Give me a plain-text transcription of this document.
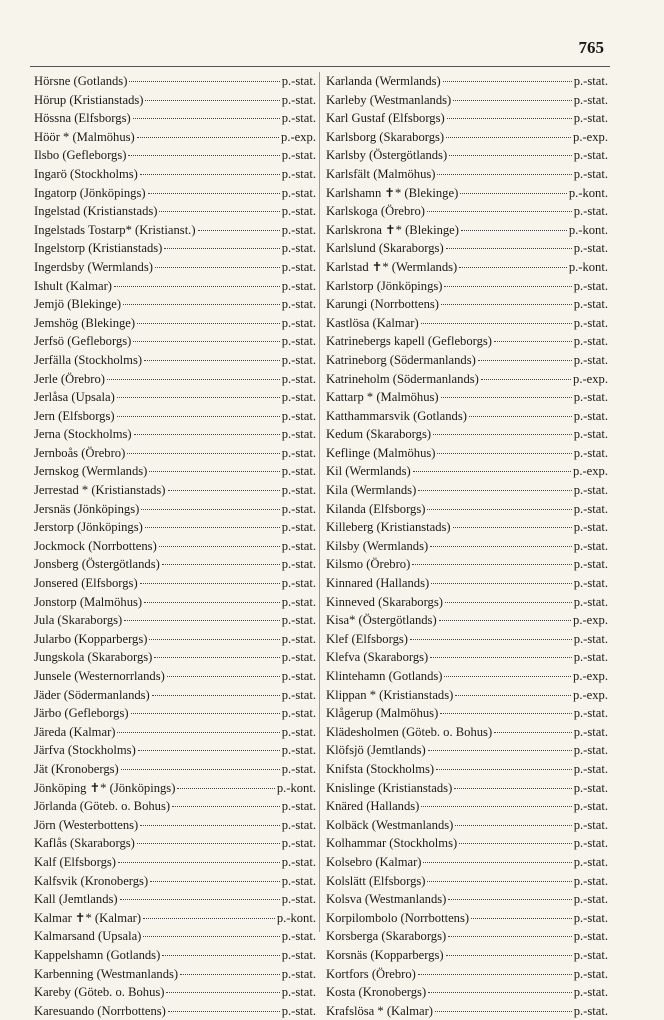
765
Hörsne (Gotlands)	p.-stat.
Hörup (Kristianstads)	p.-stat.
Hössna (Elfsborgs)	p.-stat.
Höör * (Malmöhus)	p.-exp.
Ilsbo (Gefleborgs)	p.-stat.
Ingarö (Stockholms)	p.-stat.
Ingatorp (Jönköpings)	p.-stat.
Ingelstad (Kristianstads)	p.-stat.
Ingelstads Tostarp* (Kristianst.)	p.-stat.
Ingelstorp (Kristianstads)	p.-stat.
Ingerdsby (Wermlands)	p.-stat.
Ishult (Kalmar)	p.-stat.
Jemjö (Blekinge)	p.-stat.
Jemshög (Blekinge)	p.-stat.
Jerfsö (Gefleborgs)	p.-stat.
Jerfälla (Stockholms)	p.-stat.
Jerle (Örebro)	p.-stat.
Jerlåsa (Upsala)	p.-stat.
Jern (Elfsborgs)	p.-stat.
Jerna (Stockholms)	p.-stat.
Jernboås (Örebro)	p.-stat.
Jernskog (Wermlands)	p.-stat.
Jerrestad * (Kristianstads)	p.-stat.
Jersnäs (Jönköpings)	p.-stat.
Jerstorp (Jönköpings)	p.-stat.
Jockmock (Norrbottens)	p.-stat.
Jonsberg (Östergötlands)	p.-stat.
Jonsered (Elfsborgs)	p.-stat.
Jonstorp (Malmöhus)	p.-stat.
Jula (Skaraborgs)	p.-stat.
Jularbo (Kopparbergs)	p.-stat.
Jungskola (Skaraborgs)	p.-stat.
Junsele (Westernorrlands)	p.-stat.
Jäder (Södermanlands)	p.-stat.
Järbo (Gefleborgs)	p.-stat.
Järeda (Kalmar)	p.-stat.
Järfva (Stockholms)	p.-stat.
Jät (Kronobergs)	p.-stat.
Jönköping ✝* (Jönköpings)	p.-kont.
Jörlanda (Göteb. o. Bohus)	p.-stat.
Jörn (Westerbottens)	p.-stat.
Kaflås (Skaraborgs)	p.-stat.
Kalf (Elfsborgs)	p.-stat.
Kalfsvik (Kronobergs)	p.-stat.
Kall (Jemtlands)	p.-stat.
Kalmar ✝* (Kalmar)	p.-kont.
Kalmarsand (Upsala)	p.-stat.
Kappelshamn (Gotlands)	p.-stat.
Karbenning (Westmanlands)	p.-stat.
Kareby (Göteb. o. Bohus)	p.-stat.
Karesuando (Norrbottens)	p.-stat.
Karlanda (Wermlands)	p.-stat.
Karleby (Westmanlands)	p.-stat.
Karl Gustaf (Elfsborgs)	p.-stat.
Karlsborg (Skaraborgs)	p.-exp.
Karlsby (Östergötlands)	p.-stat.
Karlsfält (Malmöhus)	p.-stat.
Karlshamn ✝* (Blekinge)	p.-kont.
Karlskoga (Örebro)	p.-stat.
Karlskrona ✝* (Blekinge)	p.-kont.
Karlslund (Skaraborgs)	p.-stat.
Karlstad ✝* (Wermlands)	p.-kont.
Karlstorp (Jönköpings)	p.-stat.
Karungi (Norrbottens)	p.-stat.
Kastlösa (Kalmar)	p.-stat.
Katrinebergs kapell (Gefleborgs)	p.-stat.
Katrineborg (Södermanlands)	p.-stat.
Katrineholm (Södermanlands)	p.-exp.
Kattarp * (Malmöhus)	p.-stat.
Katthammarsvik (Gotlands)	p.-stat.
Kedum (Skaraborgs)	p.-stat.
Keflinge (Malmöhus)	p.-stat.
Kil (Wermlands)	p.-exp.
Kila (Wermlands)	p.-stat.
Kilanda (Elfsborgs)	p.-stat.
Killeberg (Kristianstads)	p.-stat.
Kilsby (Wermlands)	p.-stat.
Kilsmo (Örebro)	p.-stat.
Kinnared (Hallands)	p.-stat.
Kinneved (Skaraborgs)	p.-stat.
Kisa* (Östergötlands)	p.-exp.
Klef (Elfsborgs)	p.-stat.
Klefva (Skaraborgs)	p.-stat.
Klintehamn (Gotlands)	p.-exp.
Klippan * (Kristianstads)	p.-exp.
Klågerup (Malmöhus)	p.-stat.
Klädesholmen (Göteb. o. Bohus)	p.-stat.
Klöfsjö (Jemtlands)	p.-stat.
Knifsta (Stockholms)	p.-stat.
Knislinge (Kristianstads)	p.-stat.
Knäred (Hallands)	p.-stat.
Kolbäck (Westmanlands)	p.-stat.
Kolhammar (Stockholms)	p.-stat.
Kolsebro (Kalmar)	p.-stat.
Kolslätt (Elfsborgs)	p.-stat.
Kolsva (Westmanlands)	p.-stat.
Korpilombolo (Norrbottens)	p.-stat.
Korsberga (Skaraborgs)	p.-stat.
Korsnäs (Kopparbergs)	p.-stat.
Kortfors (Örebro)	p.-stat.
Kosta (Kronobergs)	p.-stat.
Krafslösa * (Kalmar)	p.-stat.
